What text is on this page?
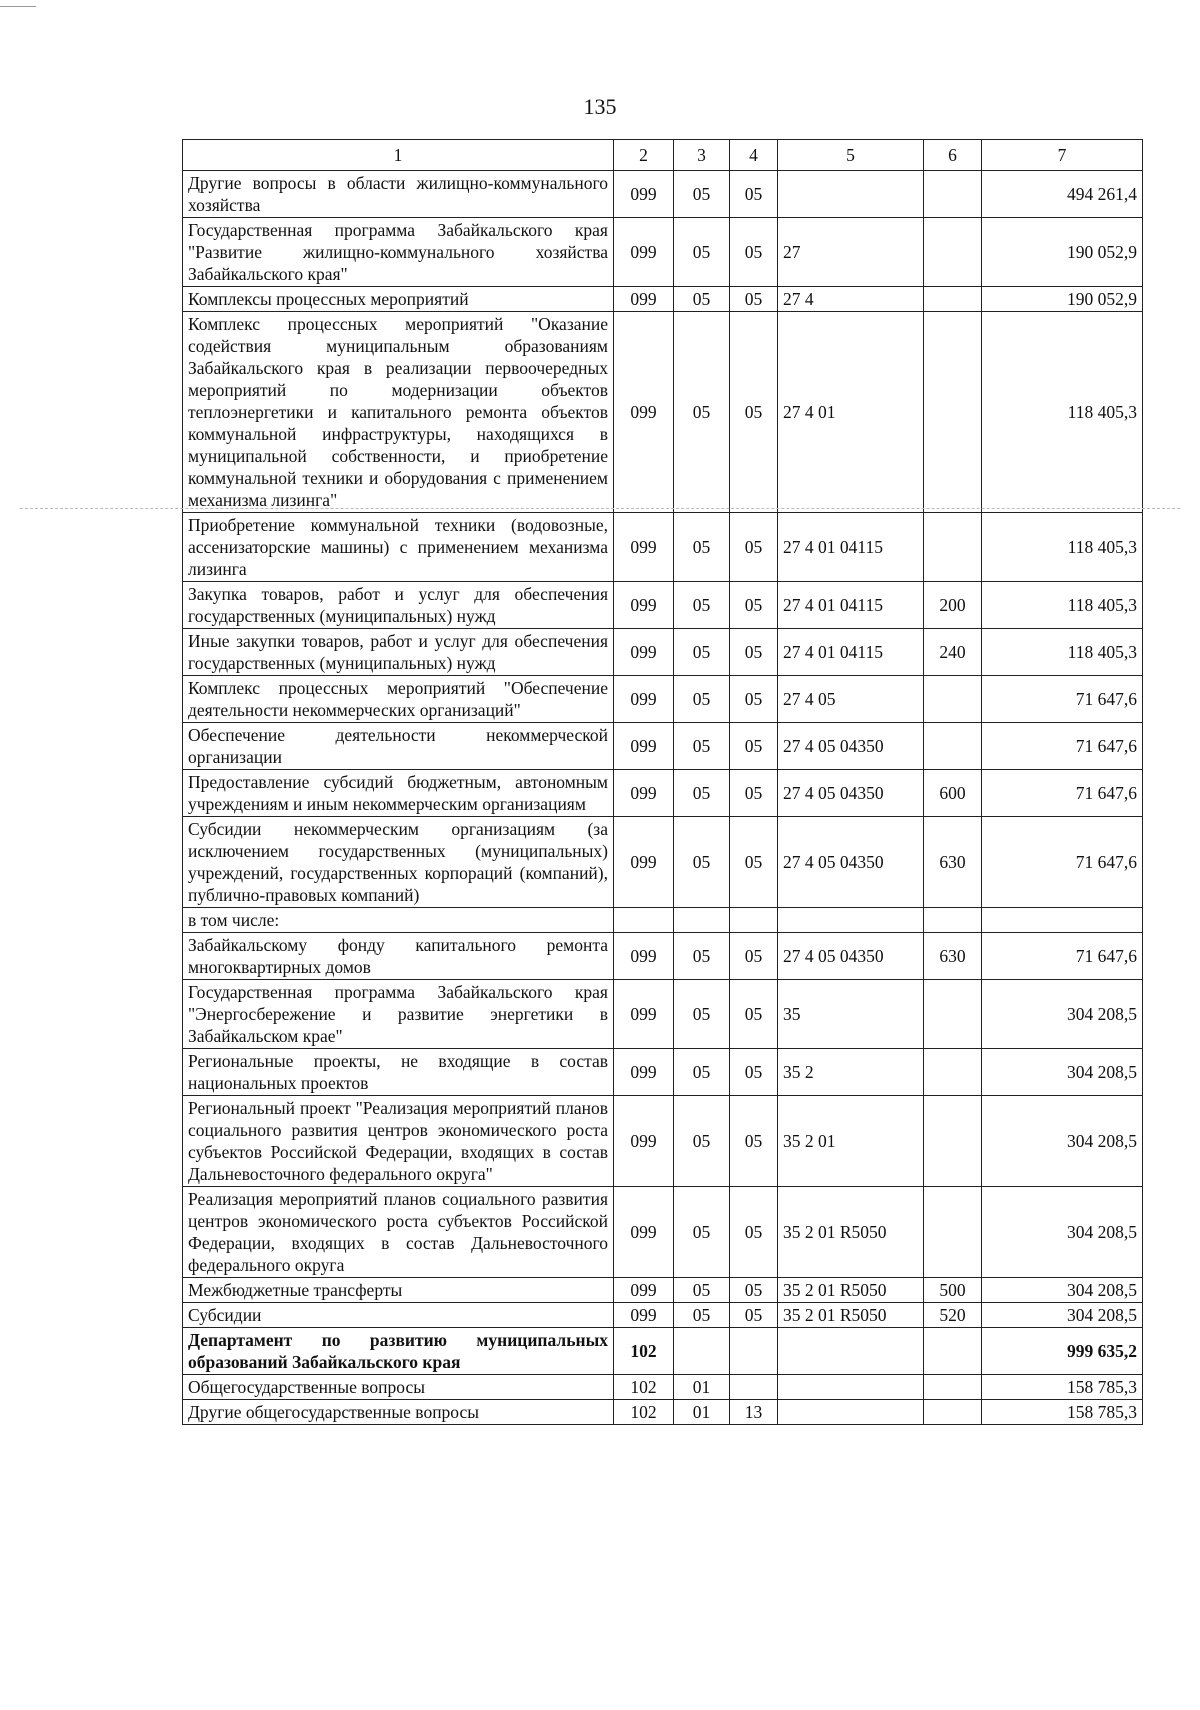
135
1	2	3	4	5	6	7
Другие вопросы в области жилищно-коммунального хозяйства	099	05	05			494 261,4
Государственная программа Забайкальского края "Развитие жилищно-коммунального хозяйства Забайкальского края"	099	05	05	27		190 052,9
Комплексы процессных мероприятий	099	05	05	27 4		190 052,9
Комплекс процессных мероприятий "Оказание содействия муниципальным образованиям Забайкальского края в реализации первоочередных мероприятий по модернизации объектов теплоэнергетики и капитального ремонта объектов коммунальной инфраструктуры, находящихся в муниципальной собственности, и приобретение коммунальной техники и оборудования с применением механизма лизинга"	099	05	05	27 4 01		118 405,3
Приобретение коммунальной техники (водовозные, ассенизаторские машины) с применением механизма лизинга	099	05	05	27 4 01 04115		118 405,3
Закупка товаров, работ и услуг для обеспечения государственных (муниципальных) нужд	099	05	05	27 4 01 04115	200	118 405,3
Иные закупки товаров, работ и услуг для обеспечения государственных (муниципальных) нужд	099	05	05	27 4 01 04115	240	118 405,3
Комплекс процессных мероприятий "Обеспечение деятельности некоммерческих организаций"	099	05	05	27 4 05		71 647,6
Обеспечение деятельности некоммерческой организации	099	05	05	27 4 05 04350		71 647,6
Предоставление субсидий бюджетным, автономным учреждениям и иным некоммерческим организациям	099	05	05	27 4 05 04350	600	71 647,6
Субсидии некоммерческим организациям (за исключением государственных (муниципальных) учреждений, государственных корпораций (компаний), публично-правовых компаний)	099	05	05	27 4 05 04350	630	71 647,6
в том числе:						
Забайкальскому фонду капитального ремонта многоквартирных домов	099	05	05	27 4 05 04350	630	71 647,6
Государственная программа Забайкальского края "Энергосбережение и развитие энергетики в Забайкальском крае"	099	05	05	35		304 208,5
Региональные проекты, не входящие в состав национальных проектов	099	05	05	35 2		304 208,5
Региональный проект "Реализация мероприятий планов социального развития центров экономического роста субъектов Российской Федерации, входящих в состав Дальневосточного федерального округа"	099	05	05	35 2 01		304 208,5
Реализация мероприятий планов социального развития центров экономического роста субъектов Российской Федерации, входящих в состав Дальневосточного федерального округа	099	05	05	35 2 01 R5050		304 208,5
Межбюджетные трансферты	099	05	05	35 2 01 R5050	500	304 208,5
Субсидии	099	05	05	35 2 01 R5050	520	304 208,5
Департамент по развитию муниципальных образований Забайкальского края	102					999 635,2
Общегосударственные вопросы	102	01				158 785,3
Другие общегосударственные вопросы	102	01	13			158 785,3
